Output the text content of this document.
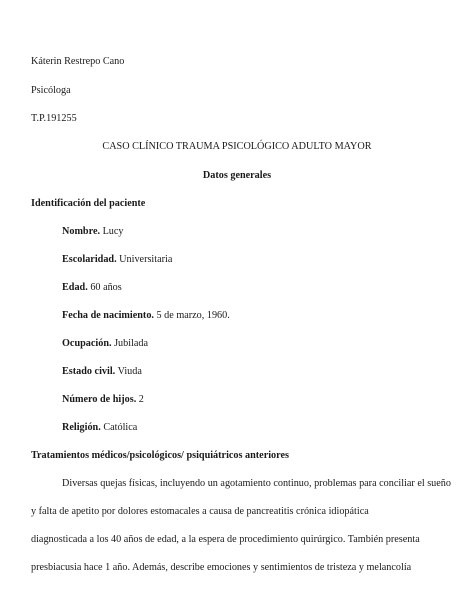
Káterin Restrepo Cano
Psicóloga
T.P.191255
CASO CLÍNICO TRAUMA PSICOLÓGICO ADULTO MAYOR
Datos generales
Identificación del paciente
Nombre. Lucy
Escolaridad. Universitaria
Edad. 60 años
Fecha de nacimiento. 5 de marzo, 1960.
Ocupación. Jubilada
Estado civil. Viuda
Número de hijos. 2
Religión. Católica
Tratamientos médicos/psicológicos/ psiquiátricos anteriores
Diversas quejas físicas, incluyendo un agotamiento continuo, problemas para conciliar el sueño
y falta de apetito por dolores estomacales a causa de pancreatitis crónica idiopática
diagnosticada a los 40 años de edad, a la espera de procedimiento quirúrgico. También presenta
presbiacusia hace 1 año. Además, describe emociones y sentimientos de tristeza y melancolía
